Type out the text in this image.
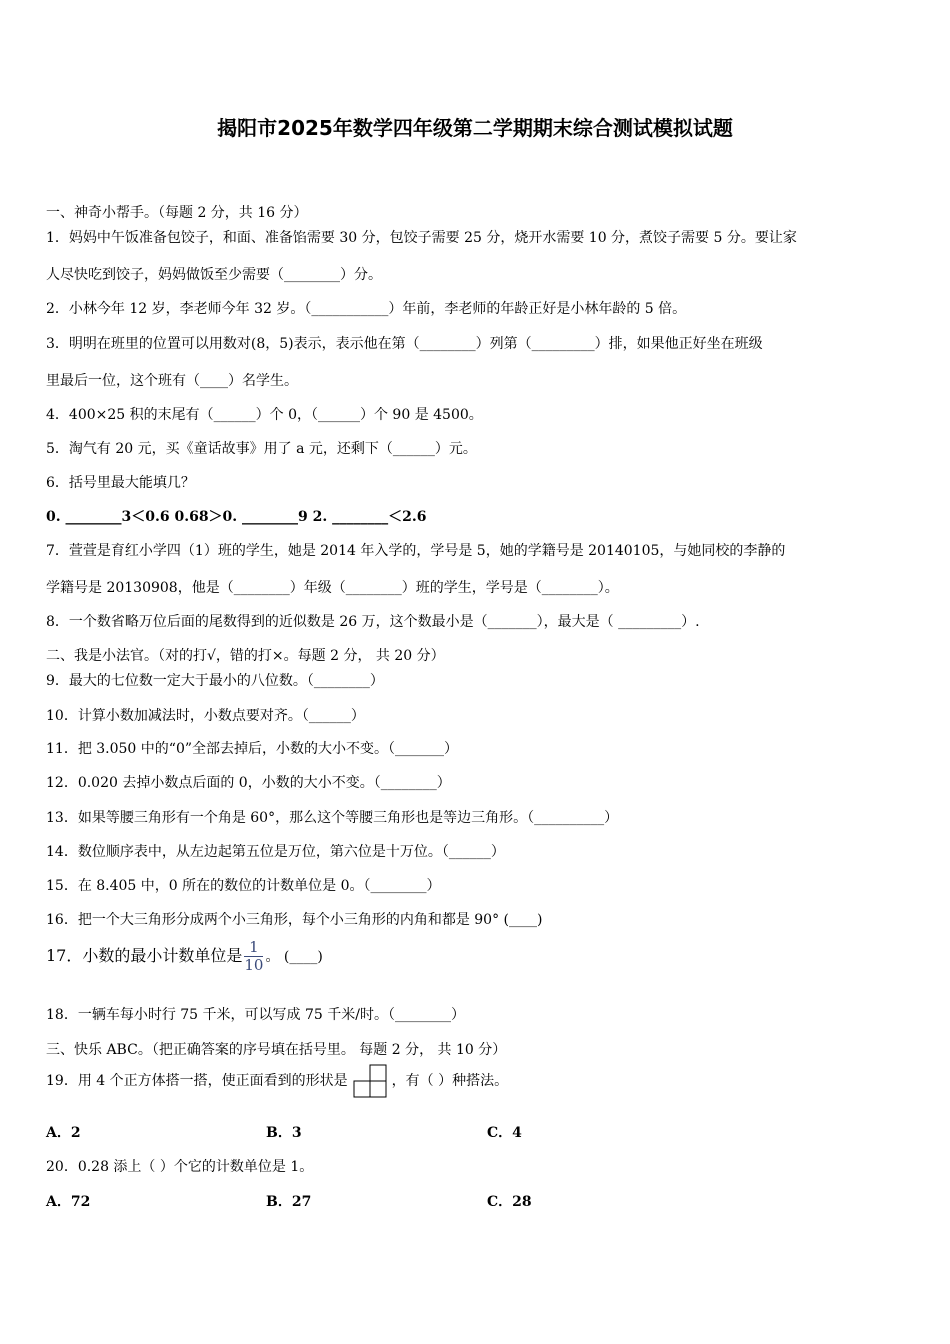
揭阳市2025年数学四年级第二学期期末综合测试模拟试题
一、神奇小帮手。（每题 2 分，共 16 分）
1．妈妈中午饭准备包饺子，和面、准备馅需要 30 分，包饺子需要 25 分，烧开水需要 10 分，煮饺子需要 5 分。要让家
人尽快吃到饺子，妈妈做饭至少需要（________）分。
2．小林今年 12 岁，李老师今年 32 岁。（___________）年前，李老师的年龄正好是小林年龄的 5 倍。
3．明明在班里的位置可以用数对(8，5)表示，表示他在第（________）列第（_________）排，如果他正好坐在班级
里最后一位，这个班有（____）名学生。
4．400×25 积的末尾有（______）个 0，（______）个 90 是 4500。
5．淘气有 20 元，买《童话故事》用了 a 元，还剩下（______）元。
6．括号里最大能填几？
0. ________3＜0.6 0.68＞0. ________9 2. ________＜2.6
7．萱萱是育红小学四（1）班的学生，她是 2014 年入学的，学号是 5，她的学籍号是 20140105，与她同校的李静的
学籍号是 20130908，他是（________）年级（________）班的学生，学号是（________）。
8．一个数省略万位后面的尾数得到的近似数是 26 万，这个数最小是（_______），最大是（ _________）.
二、我是小法官。（对的打√，错的打×。每题 2 分， 共 20 分）
9．最大的七位数一定大于最小的八位数。（________）
10．计算小数加减法时，小数点要对齐。（______）
11．把 3.050 中的“0”全部去掉后，小数的大小不变。（_______）
12．0.020 去掉小数点后面的 0，小数的大小不变。（________）
13．如果等腰三角形有一个角是 60°，那么这个等腰三角形也是等边三角形。（__________）
14．数位顺序表中，从左边起第五位是万位，第六位是十万位。（______）
15．在 8.405 中，0 所在的数位的计数单位是 0。（________）
16．把一个大三角形分成两个小三角形，每个小三角形的内角和都是 90° (____)
17．小数的最小计数单位是 $\frac{1}{10}$ 。 (____)
18．一辆车每小时行 75 千米，可以写成 75 千米/时。（________）
三、快乐 ABC。（把正确答案的序号填在括号里。 每题 2 分， 共 10 分）
19．用 4 个正方体搭一搭，使正面看到的形状是	，有（ ）种搭法。
A．2	B．3	C．4
20．0.28 添上（ ）个它的计数单位是 1。
A．72	B．27	C．28
